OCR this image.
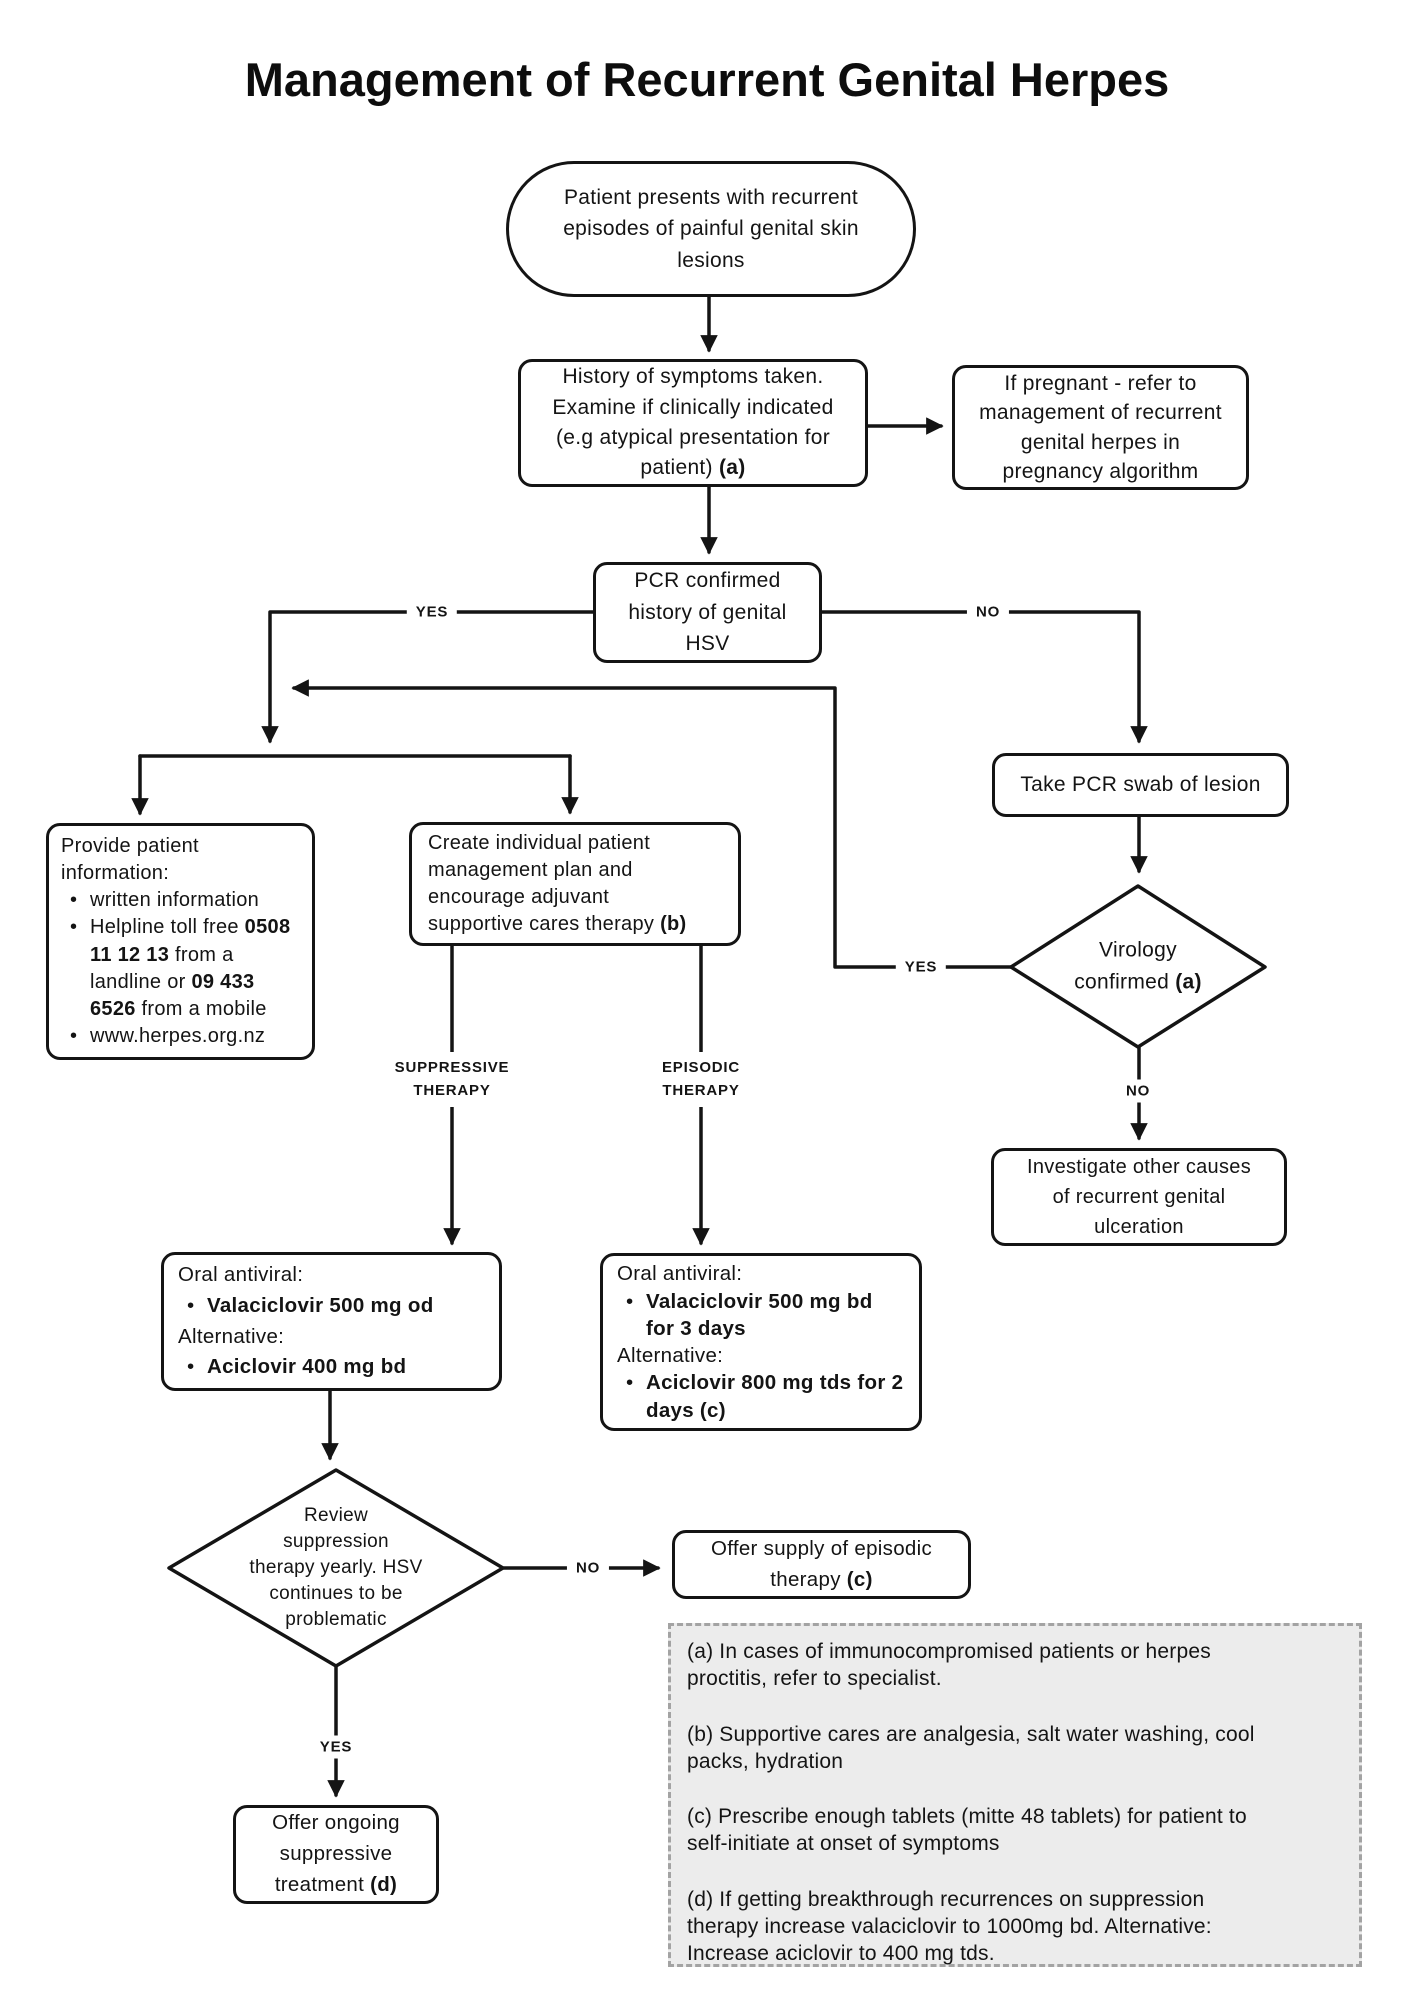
Management of Recurrent Genital Herpes
Patient presents with recurrent
episodes of painful genital skin
lesions
History of symptoms taken.
Examine if clinically indicated
(e.g atypical presentation for
patient) (a)
If pregnant - refer to
management of recurrent
genital herpes in
pregnancy algorithm
PCR confirmed
history of genital
HSV
Provide patient information:
• written information
• Helpline toll free 0508 11 12 13 from a landline or 09 433 6526 from a mobile
• www.herpes.org.nz
Create individual patient
management plan and
encourage adjuvant
supportive cares therapy (b)
Take PCR swab of lesion
Investigate other causes
of recurrent genital
ulceration
Oral antiviral:
• Valaciclovir 500 mg od
Alternative:
• Aciclovir 400 mg bd
Oral antiviral:
• Valaciclovir 500 mg bd for 3 days
Alternative:
• Aciclovir 800 mg tds for 2 days (c)
Offer supply of episodic
therapy (c)
Offer ongoing
suppressive
treatment (d)
Virology
confirmed (a)
Review
suppression
therapy yearly. HSV
continues to be
problematic
YES	NO
YES
NO
NO
YES
SUPPRESSIVE
THERAPY
EPISODIC
THERAPY

(a) In cases of immunocompromised patients or herpes
proctitis, refer to specialist.

(b) Supportive cares are analgesia, salt water washing, cool
packs, hydration

(c) Prescribe enough tablets (mitte 48 tablets) for patient to
self-initiate at onset of symptoms

(d) If getting breakthrough recurrences on suppression
therapy increase valaciclovir to 1000mg bd. Alternative:
Increase aciclovir to 400 mg tds.
